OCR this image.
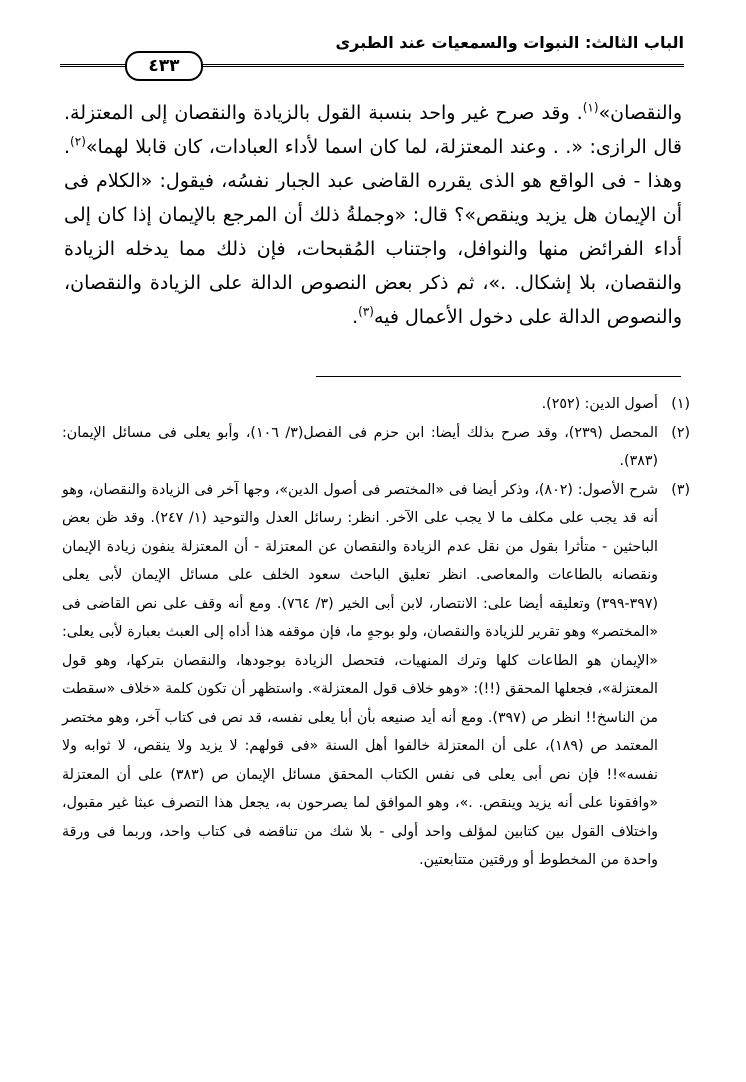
الباب الثالث: النبوات والسمعيات عند الطبرى
٤٣٣

والنقصان»$^{(١)}$. وقد صرح غير واحد بنسبة القول بالزيادة والنقصان إلى المعتزلة. قال الرازى: «. . وعند المعتزلة، لما كان اسما لأداء العبادات، كان قابلا لهما»$^{(٢)}$. وهذا - فى الواقع هو الذى يقرره القاضى عبد الجبار نفسُه، فيقول: «الكلام فى أن الإيمان هل يزيد وينقص»؟ قال: «وجملةُ ذلك أن المرجع بالإيمان إذا كان إلى أداء الفرائض منها والنوافل، واجتناب المُقبحات، فإن ذلك مما يدخله الزيادة والنقصان، بلا إشكال. .»، ثم ذكر بعض النصوص الدالة على الزيادة والنقصان، والنصوص الدالة على دخول الأعمال فيه$^{(٣)}$.

(١)
أصول الدين: (٢٥٢).
(٢)
المحصل (٢٣٩)، وقد صرح بذلك أيضا: ابن حزم فى الفصل(٣/ ١٠٦)، وأبو يعلى فى مسائل الإيمان: (٣٨٣).
(٣)
شرح الأصول: (٨٠٢)، وذكر أيضا فى «المختصر فى أصول الدين»، وجها آخر فى الزيادة والنقصان، وهو أنه قد يجب على مكلف ما لا يجب على الآخر. انظر: رسائل العدل والتوحيد (١/ ٢٤٧). وقد ظن بعض الباحثين - متأثرا بقول من نقل عدم الزيادة والنقصان عن المعتزلة - أن المعتزلة ينفون زيادة الإيمان ونقصانه بالطاعات والمعاصى. انظر تعليق الباحث سعود الخلف على مسائل الإيمان لأبى يعلى (٣٩٧-٣٩٩) وتعليقه أيضا على: الانتصار، لابن أبى الخير (٣/ ٧٦٤). ومع أنه وقف على نص القاضى فى «المختصر» وهو تقرير للزيادة والنقصان، ولو بوجهٍ ما، فإن موقفه هذا أداه إلى العبث بعبارة لأبى يعلى: «الإيمان هو الطاعات كلها وترك المنهيات، فتحصل الزيادة بوجودها، والنقصان بتركها، وهو قول المعتزلة»، فجعلها المحقق (!!): «وهو خلاف قول المعتزلة». واستظهر أن تكون كلمة «خلاف «سقطت من الناسخ!! انظر ص (٣٩٧). ومع أنه أيد صنيعه بأن أبا يعلى نفسه، قد نص فى كتاب آخر، وهو مختصر المعتمد ص (١٨٩)، على أن المعتزلة خالفوا أهل السنة «فى قولهم: لا يزيد ولا ينقص، لا ثوابه ولا نفسه»!! فإن نص أبى يعلى فى نفس الكتاب المحقق مسائل الإيمان ص (٣٨٣) على أن المعتزلة «وافقونا على أنه يزيد وينقص. .»، وهو الموافق لما يصرحون به، يجعل هذا التصرف عبثا غير مقبول، واختلاف القول بين كتابين لمؤلف واحد أولى - بلا شك من تناقضه فى كتاب واحد، وربما فى ورقة واحدة من المخطوط أو ورقتين متتابعتين.
